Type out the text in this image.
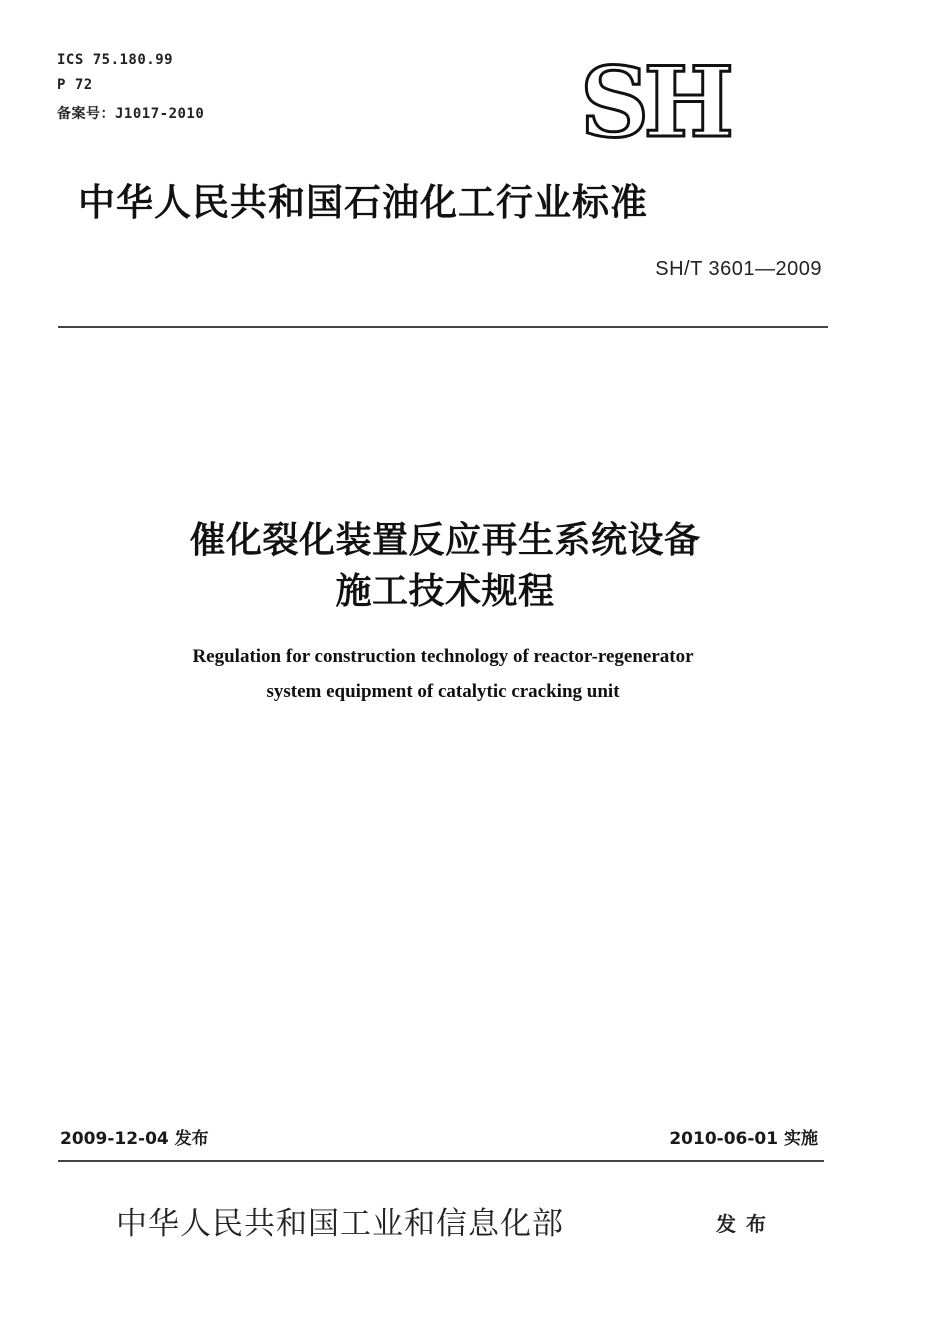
ICS 75.180.99
P 72
备案号：J1017-2010	SH
中华人民共和国石油化工行业标准
SH/T 3601—2009
催化裂化装置反应再生系统设备
施工技术规程
Regulation for construction technology of reactor-regenerator
system equipment of catalytic cracking unit
2009-12-04 发布	2010-06-01 实施
中华人民共和国工业和信息化部	发布
